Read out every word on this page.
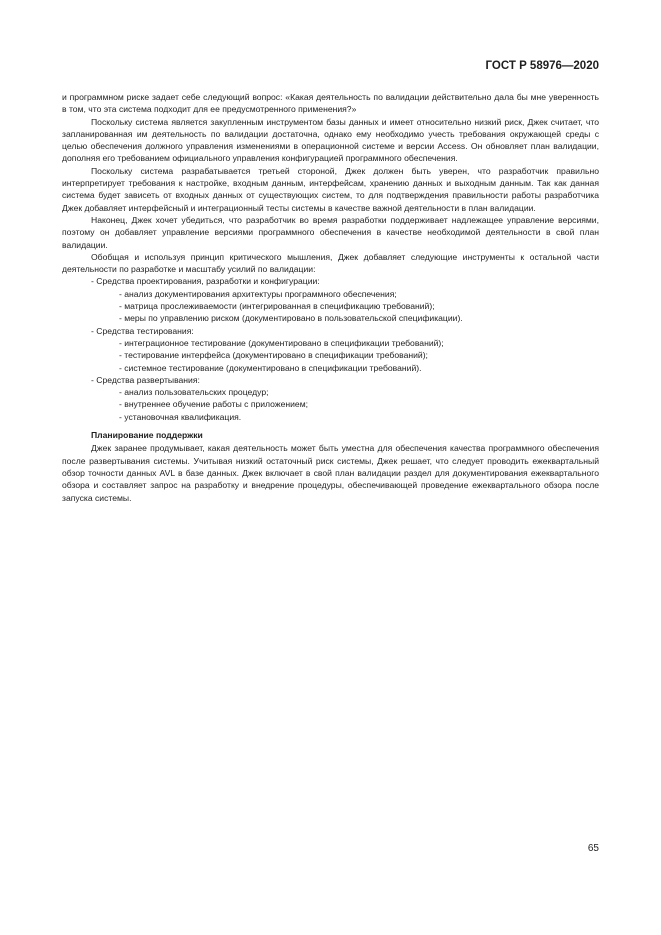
ГОСТ Р 58976—2020

и программном риске задает себе следующий вопрос: «Какая деятельность по валидации действительно дала бы мне уверенность в том, что эта система подходит для ее предусмотренного применения?»

Поскольку система является закупленным инструментом базы данных и имеет относительно низкий риск, Джек считает, что запланированная им деятельность по валидации достаточна, однако ему необходимо учесть требования окружающей среды с целью обеспечения должного управления изменениями в операционной системе и версии Access. Он обновляет план валидации, дополняя его требованием официального управления конфигурацией программного обеспечения.

Поскольку система разрабатывается третьей стороной, Джек должен быть уверен, что разработчик правильно интерпретирует требования к настройке, входным данным, интерфейсам, хранению данных и выходным данным. Так как данная система будет зависеть от входных данных от существующих систем, то для подтверждения правильности работы разработчика Джек добавляет интерфейсный и интеграционный тесты системы в качестве важной деятельности в план валидации.

Наконец, Джек хочет убедиться, что разработчик во время разработки поддерживает надлежащее управление версиями, поэтому он добавляет управление версиями программного обеспечения в качестве необходимой деятельности в свой план валидации.

Обобщая и используя принцип критического мышления, Джек добавляет следующие инструменты к остальной части деятельности по разработке и масштабу усилий по валидации:

- Средства проектирования, разработки и конфигурации:

- анализ документирования архитектуры программного обеспечения;

- матрица прослеживаемости (интегрированная в спецификацию требований);

- меры по управлению риском (документировано в пользовательской спецификации).

- Средства тестирования:

- интеграционное тестирование (документировано в спецификации требований);

- тестирование интерфейса (документировано в спецификации требований);

- системное тестирование (документировано в спецификации требований).

- Средства развертывания:

- анализ пользовательских процедур;

- внутреннее обучение работы с приложением;

- установочная квалификация.

Планирование поддержки

Джек заранее продумывает, какая деятельность может быть уместна для обеспечения качества программного обеспечения после развертывания системы. Учитывая низкий остаточный риск системы, Джек решает, что следует проводить ежеквартальный обзор точности данных AVL в базе данных. Джек включает в свой план валидации раздел для документирования ежеквартального обзора и составляет запрос на разработку и внедрение процедуры, обеспечивающей проведение ежеквартального обзора после запуска системы.

65
